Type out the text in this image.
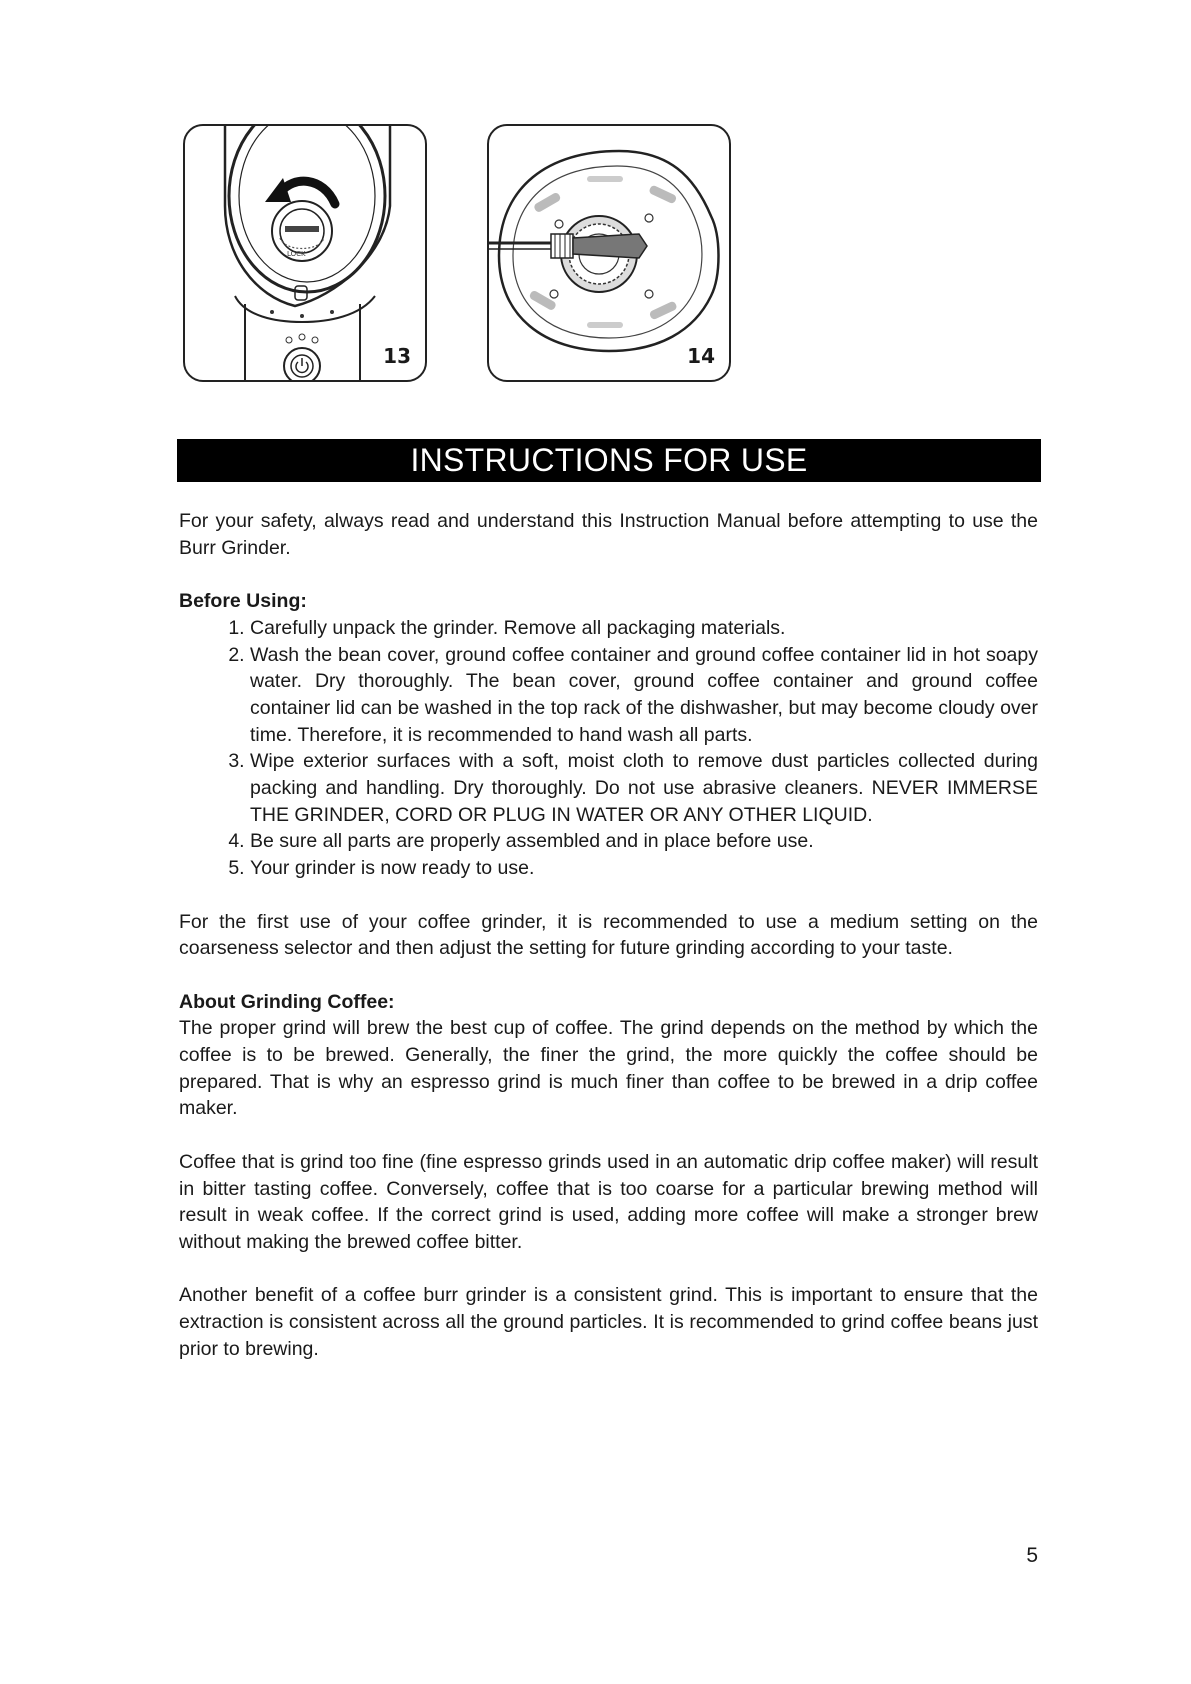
LOCK
13	14
INSTRUCTIONS FOR USE

For your safety, always read and understand this Instruction Manual before attempting to use the Burr Grinder.

Before Using:
1. Carefully unpack the grinder. Remove all packaging materials.
2. Wash the bean cover, ground coffee container and ground coffee container lid in hot soapy water. Dry thoroughly. The bean cover, ground coffee container and ground coffee container lid can be washed in the top rack of the dishwasher, but may become cloudy over time. Therefore, it is recommended to hand wash all parts.
3. Wipe exterior surfaces with a soft, moist cloth to remove dust particles collected during packing and handling. Dry thoroughly. Do not use abrasive cleaners. NEVER IMMERSE THE GRINDER, CORD OR PLUG IN WATER OR ANY OTHER LIQUID.
4. Be sure all parts are properly assembled and in place before use.
5. Your grinder is now ready to use.

For the first use of your coffee grinder, it is recommended to use a medium setting on the coarseness selector and then adjust the setting for future grinding according to your taste.

About Grinding Coffee:

The proper grind will brew the best cup of coffee. The grind depends on the method by which the coffee is to be brewed. Generally, the finer the grind, the more quickly the coffee should be prepared. That is why an espresso grind is much finer than coffee to be brewed in a drip coffee maker.

Coffee that is grind too fine (fine espresso grinds used in an automatic drip coffee maker) will result in bitter tasting coffee. Conversely, coffee that is too coarse for a particular brewing method will result in weak coffee. If the correct grind is used, adding more coffee will make a stronger brew without making the brewed coffee bitter.

Another benefit of a coffee burr grinder is a consistent grind. This is important to ensure that the extraction is consistent across all the ground particles. It is recommended to grind coffee beans just prior to brewing.

5
